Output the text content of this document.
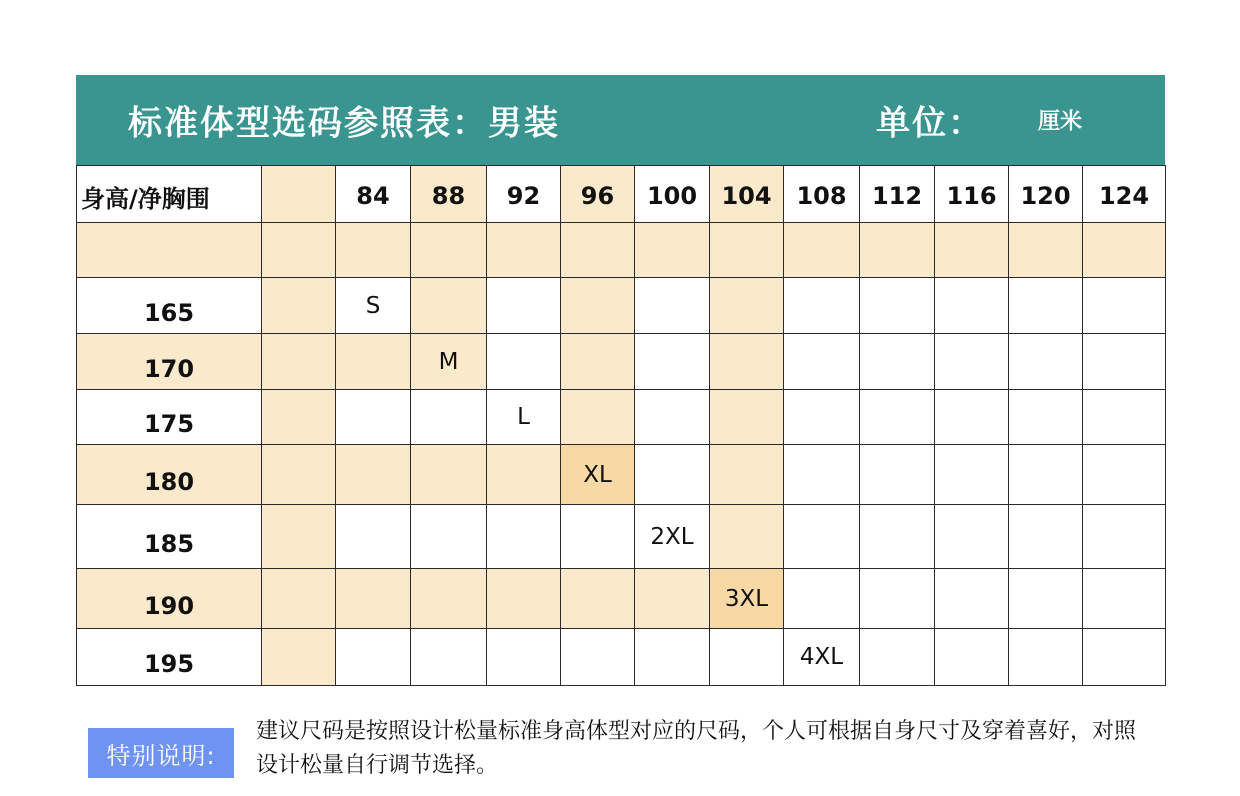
标准体型选码参照表：男装	单位： 厘米
身高/净胸围		84	88	92	96	100	104	108	112	116	120	124

165		S										
170			M									
175				L								
180					XL							
185						2XL						
190							3XL					
195								4XL				
特别说明:
建议尺码是按照设计松量标准身高体型对应的尺码，个人可根据自身尺寸及穿着喜好，对照设计松量自行调节选择。
